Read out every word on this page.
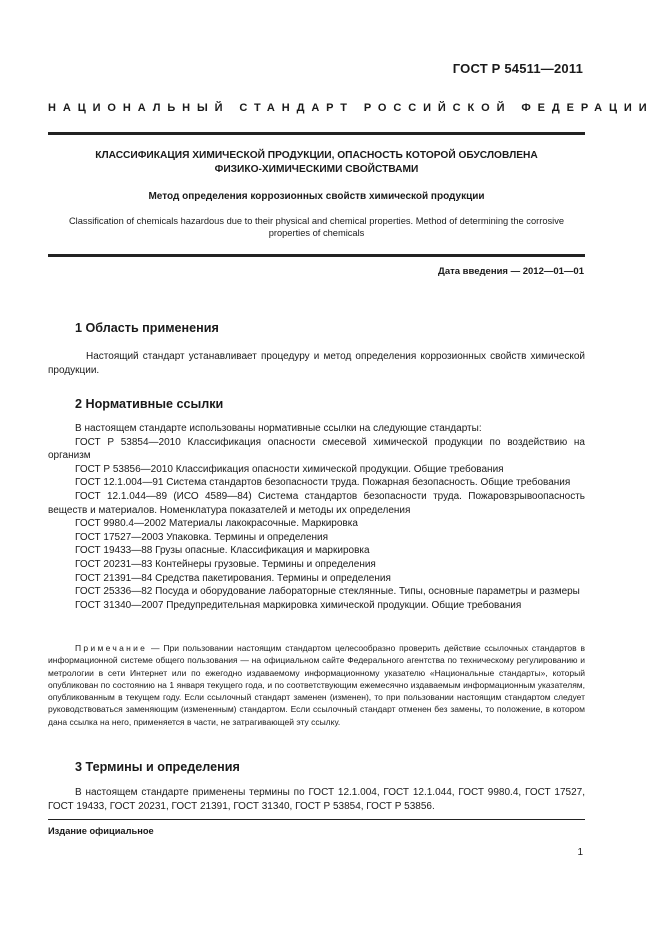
ГОСТ Р 54511—2011
НАЦИОНАЛЬНЫЙ СТАНДАРТ РОССИЙСКОЙ ФЕДЕРАЦИИ
КЛАССИФИКАЦИЯ ХИМИЧЕСКОЙ ПРОДУКЦИИ, ОПАСНОСТЬ КОТОРОЙ ОБУСЛОВЛЕНА
ФИЗИКО-ХИМИЧЕСКИМИ СВОЙСТВАМИ
Метод определения коррозионных свойств химической продукции
Classification of chemicals hazardous due to their physical and chemical properties. Method of determining the corrosive
properties of chemicals
Дата введения — 2012—01—01
1 Область применения

Настоящий стандарт устанавливает процедуру и метод определения коррозионных свойств химической продукции.

2 Нормативные ссылки

В настоящем стандарте использованы нормативные ссылки на следующие стандарты:

ГОСТ Р 53854—2010 Классификация опасности смесевой химической продукции по воздействию на организм

ГОСТ Р 53856—2010 Классификация опасности химической продукции. Общие требования

ГОСТ 12.1.004—91 Система стандартов безопасности труда. Пожарная безопасность. Общие требования

ГОСТ 12.1.044—89 (ИСО 4589—84) Система стандартов безопасности труда. Пожаровзрывоопасность веществ и материалов. Номенклатура показателей и методы их определения

ГОСТ 9980.4—2002 Материалы лакокрасочные. Маркировка

ГОСТ 17527—2003 Упаковка. Термины и определения

ГОСТ 19433—88 Грузы опасные. Классификация и маркировка

ГОСТ 20231—83 Контейнеры грузовые. Термины и определения

ГОСТ 21391—84 Средства пакетирования. Термины и определения

ГОСТ 25336—82 Посуда и оборудование лабораторные стеклянные. Типы, основные параметры и размеры

ГОСТ 31340—2007 Предупредительная маркировка химической продукции. Общие требования

Примечание — При пользовании настоящим стандартом целесообразно проверить действие ссылочных стандартов в информационной системе общего пользования — на официальном сайте Федерального агентства по техническому регулированию и метрологии в сети Интернет или по ежегодно издаваемому информационному указателю «Национальные стандарты», который опубликован по состоянию на 1 января текущего года, и по соответствующим ежемесячно издаваемым информационным указателям, опубликованным в текущем году. Если ссылочный стандарт заменен (изменен), то при пользовании настоящим стандартом следует руководствоваться заменяющим (измененным) стандартом. Если ссылочный стандарт отменен без замены, то положение, в котором дана ссылка на него, применяется в части, не затрагивающей эту ссылку.
3 Термины и определения

В настоящем стандарте применены термины по ГОСТ 12.1.004, ГОСТ 12.1.044, ГОСТ 9980.4, ГОСТ 17527, ГОСТ 19433, ГОСТ 20231, ГОСТ 21391, ГОСТ 31340, ГОСТ Р 53854, ГОСТ Р 53856.

Издание официальное
1
